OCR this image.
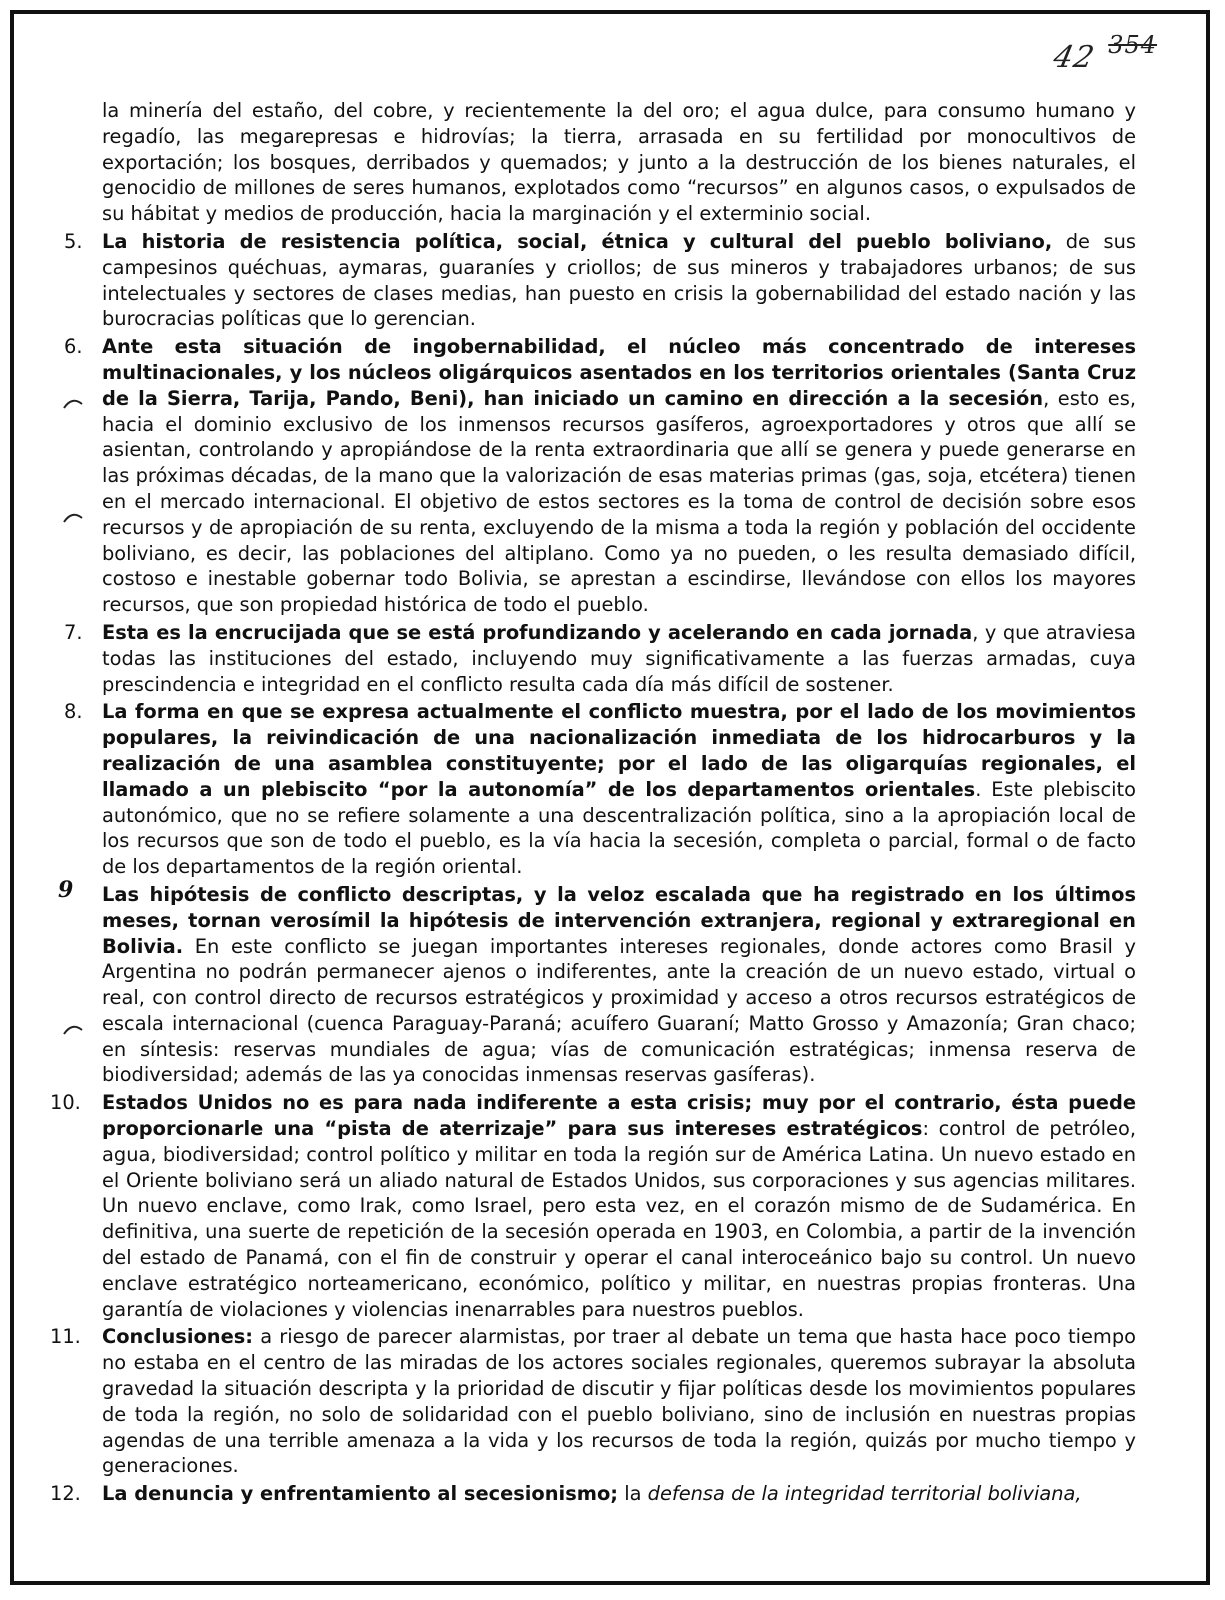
42 $^{354}$

la minería del estaño, del cobre, y recientemente la del oro; el agua dulce, para consumo humano y regadío, las megarepresas e hidrovías; la tierra, arrasada en su fertilidad por monocultivos de exportación; los bosques, derribados y quemados; y junto a la destrucción de los bienes naturales, el genocidio de millones de seres humanos, explotados como “recursos” en algunos casos, o expulsados de su hábitat y medios de producción, hacia la marginación y el exterminio social.

5. La historia de resistencia política, social, étnica y cultural del pueblo boliviano, de sus campesinos quéchuas, aymaras, guaraníes y criollos; de sus mineros y trabajadores urbanos; de sus intelectuales y sectores de clases medias, han puesto en crisis la gobernabilidad del estado nación y las burocracias políticas que lo gerencian.

6. Ante esta situación de ingobernabilidad, el núcleo más concentrado de intereses multinacionales, y los núcleos oligárquicos asentados en los territorios orientales (Santa Cruz de la Sierra, Tarija, Pando, Beni), han iniciado un camino en dirección a la secesión, esto es, hacia el dominio exclusivo de los inmensos recursos gasíferos, agroexportadores y otros que allí se asientan, controlando y apropiándose de la renta extraordinaria que allí se genera y puede generarse en las próximas décadas, de la mano que la valorización de esas materias primas (gas, soja, etcétera) tienen en el mercado internacional. El objetivo de estos sectores es la toma de control de decisión sobre esos recursos y de apropiación de su renta, excluyendo de la misma a toda la región y población del occidente boliviano, es decir, las poblaciones del altiplano. Como ya no pueden, o les resulta demasiado difícil, costoso e inestable gobernar todo Bolivia, se aprestan a escindirse, llevándose con ellos los mayores recursos, que son propiedad histórica de todo el pueblo.

7. Esta es la encrucijada que se está profundizando y acelerando en cada jornada, y que atraviesa todas las instituciones del estado, incluyendo muy significativamente a las fuerzas armadas, cuya prescindencia e integridad en el conflicto resulta cada día más difícil de sostener.

8. La forma en que se expresa actualmente el conflicto muestra, por el lado de los movimientos populares, la reivindicación de una nacionalización inmediata de los hidrocarburos y la realización de una asamblea constituyente; por el lado de las oligarquías regionales, el llamado a un plebiscito “por la autonomía” de los departamentos orientales. Este plebiscito autonómico, que no se refiere solamente a una descentralización política, sino a la apropiación local de los recursos que son de todo el pueblo, es la vía hacia la secesión, completa o parcial, formal o de facto de los departamentos de la región oriental.

9 Las hipótesis de conflicto descriptas, y la veloz escalada que ha registrado en los últimos meses, tornan verosímil la hipótesis de intervención extranjera, regional y extraregional en Bolivia. En este conflicto se juegan importantes intereses regionales, donde actores como Brasil y Argentina no podrán permanecer ajenos o indiferentes, ante la creación de un nuevo estado, virtual o real, con control directo de recursos estratégicos y proximidad y acceso a otros recursos estratégicos de escala internacional (cuenca Paraguay-Paraná; acuífero Guaraní; Matto Grosso y Amazonía; Gran chaco; en síntesis: reservas mundiales de agua; vías de comunicación estratégicas; inmensa reserva de biodiversidad; además de las ya conocidas inmensas reservas gasíferas).

10. Estados Unidos no es para nada indiferente a esta crisis; muy por el contrario, ésta puede proporcionarle una “pista de aterrizaje” para sus intereses estratégicos: control de petróleo, agua, biodiversidad; control político y militar en toda la región sur de América Latina. Un nuevo estado en el Oriente boliviano será un aliado natural de Estados Unidos, sus corporaciones y sus agencias militares. Un nuevo enclave, como Irak, como Israel, pero esta vez, en el corazón mismo de de Sudamérica. En definitiva, una suerte de repetición de la secesión operada en 1903, en Colombia, a partir de la invención del estado de Panamá, con el fin de construir y operar el canal interoceánico bajo su control. Un nuevo enclave estratégico norteamericano, económico, político y militar, en nuestras propias fronteras. Una garantía de violaciones y violencias inenarrables para nuestros pueblos.

11. Conclusiones: a riesgo de parecer alarmistas, por traer al debate un tema que hasta hace poco tiempo no estaba en el centro de las miradas de los actores sociales regionales, queremos subrayar la absoluta gravedad la situación descripta y la prioridad de discutir y fijar políticas desde los movimientos populares de toda la región, no solo de solidaridad con el pueblo boliviano, sino de inclusión en nuestras propias agendas de una terrible amenaza a la vida y los recursos de toda la región, quizás por mucho tiempo y generaciones.

12. La denuncia y enfrentamiento al secesionismo; la defensa de la integridad territorial boliviana,
